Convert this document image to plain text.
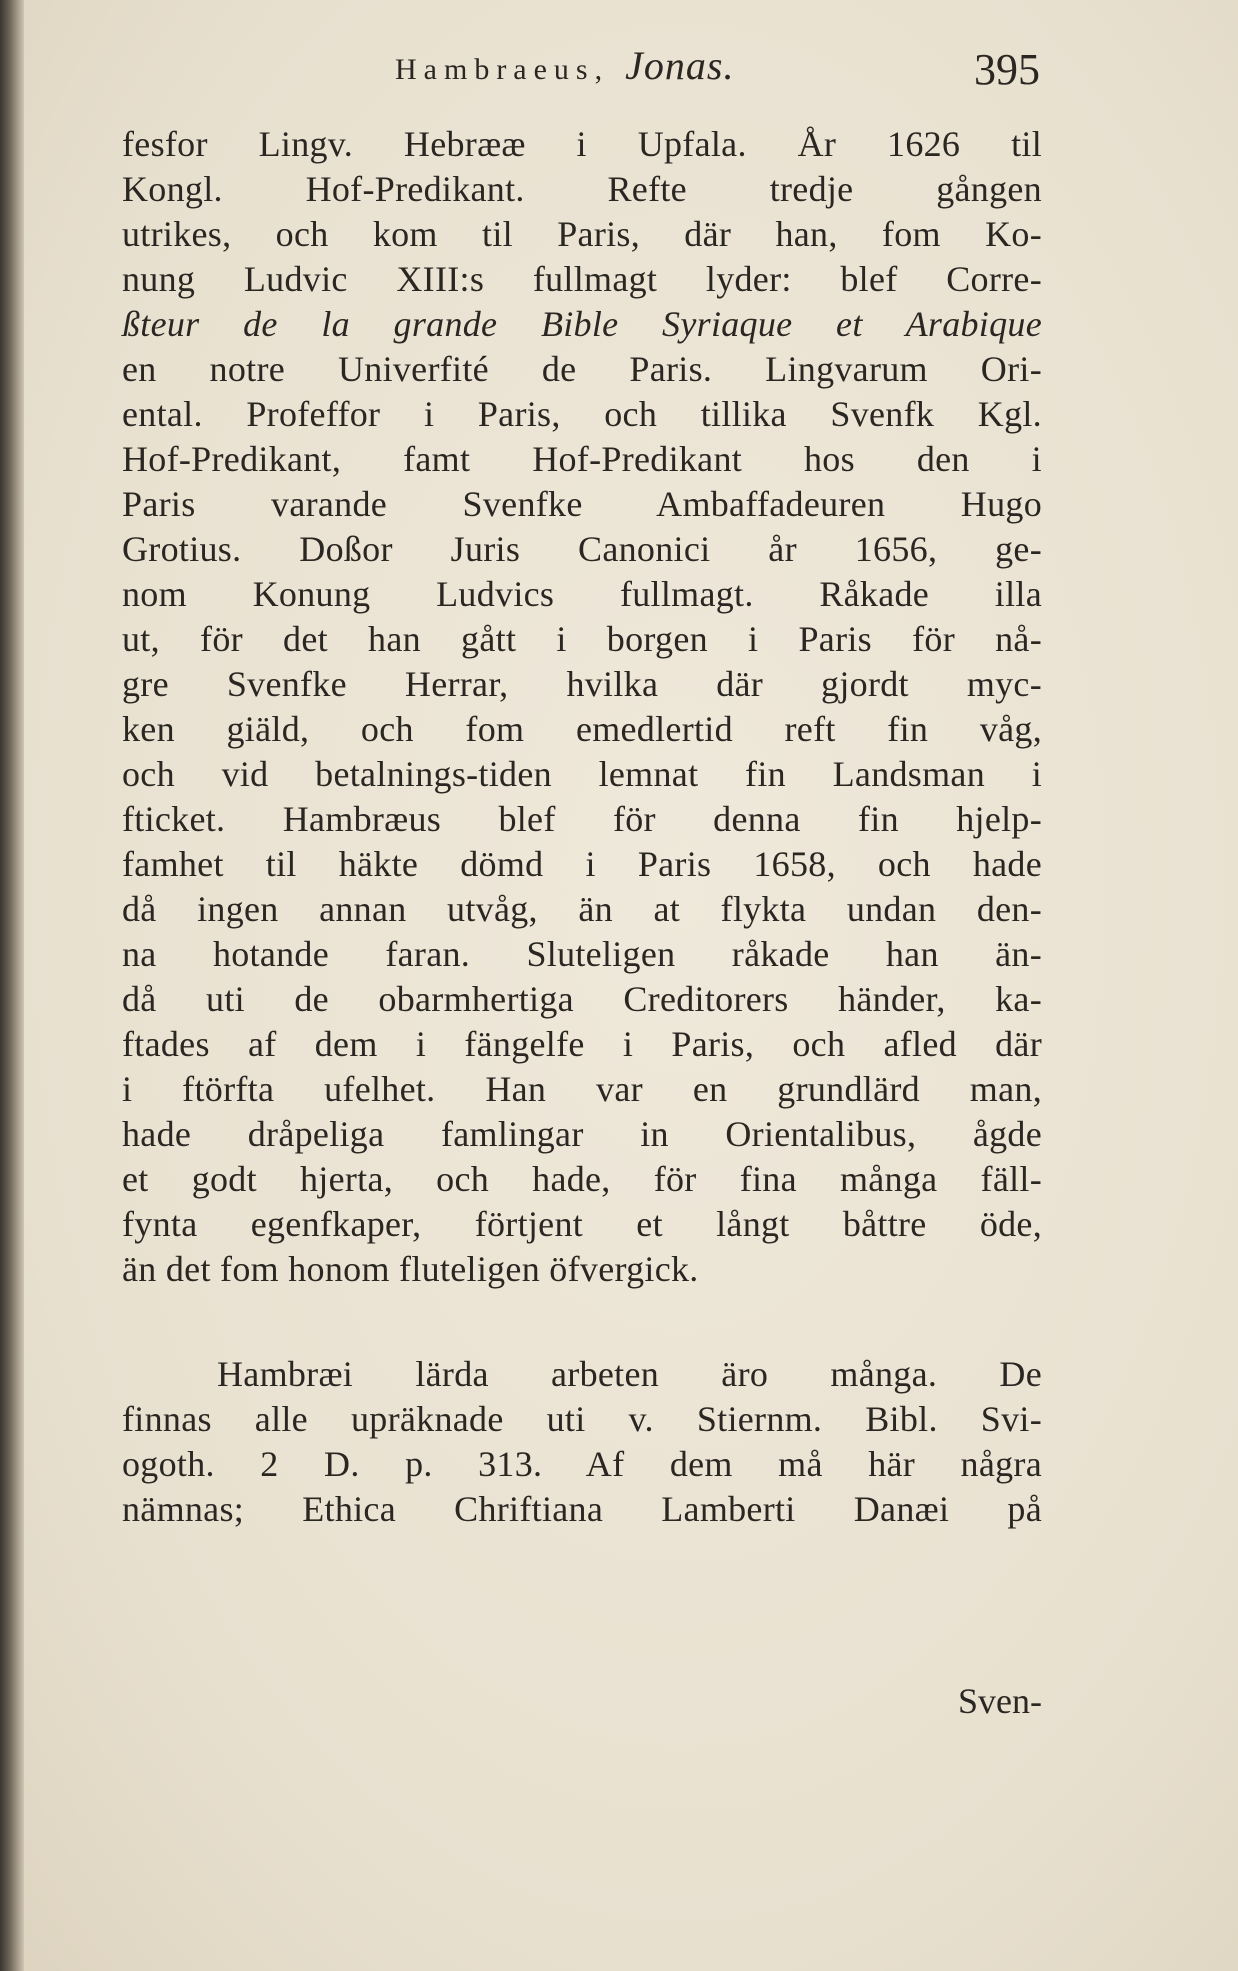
Hambraeus, Jonas.	395
fesfor Lingv. Hebrææ i Upfala. År 1626 til
Kongl. Hof-Predikant. Refte tredje gången
utrikes, och kom til Paris, där han, fom Ko-
nung Ludvic XIII:s fullmagt lyder: blef Corre-
ßteur de la grande Bible Syriaque et Arabique
en notre Univerfité de Paris. Lingvarum Ori-
ental. Profeffor i Paris, och tillika Svenfk Kgl.
Hof-Predikant, famt Hof-Predikant hos den i
Paris varande Svenfke Ambaffadeuren Hugo
Grotius. Doßor Juris Canonici år 1656, ge-
nom Konung Ludvics fullmagt. Råkade illa
ut, för det han gått i borgen i Paris för nå-
gre Svenfke Herrar, hvilka där gjordt myc-
ken giäld, och fom emedlertid reft fin våg,
och vid betalnings-tiden lemnat fin Landsman i
fticket. Hambræus blef för denna fin hjelp-
famhet til häkte dömd i Paris 1658, och hade
då ingen annan utvåg, än at flykta undan den-
na hotande faran. Sluteligen råkade han än-
då uti de obarmhertiga Creditorers händer, ka-
ftades af dem i fängelfe i Paris, och afled där
i ftörfta ufelhet. Han var en grundlärd man,
hade dråpeliga famlingar in Orientalibus, ågde
et godt hjerta, och hade, för fina många fäll-
fynta egenfkaper, förtjent et långt båttre öde,
än det fom honom fluteligen öfvergick.
Hambræi lärda arbeten äro många. De
finnas alle upräknade uti v. Stiernm. Bibl. Svi-
ogoth. 2 D. p. 313. Af dem må här några
nämnas; Ethica Chriftiana Lamberti Danæi på
Sven-
